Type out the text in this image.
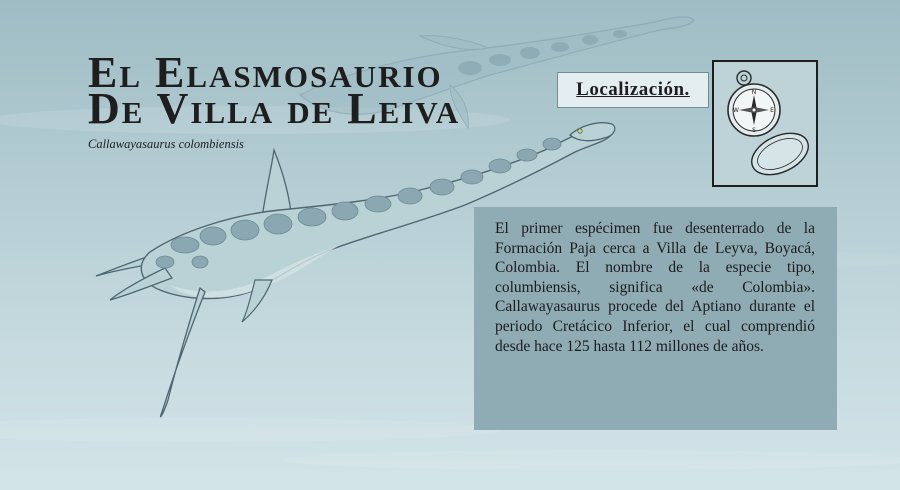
El Elasmosaurio
De Villa de Leiva
Callawayasaurus colombiensis
Localización.	N
S
E
W

El primer espécimen fue desenterrado de la Formación Paja cerca a Villa de Leyva, Boyacá, Colombia. El nombre de la especie tipo, columbiensis, significa «de Colombia». Callawayasaurus procede del Aptiano durante el periodo Cretácico Inferior, el cual comprendió desde hace 125 hasta 112 millones de años.
